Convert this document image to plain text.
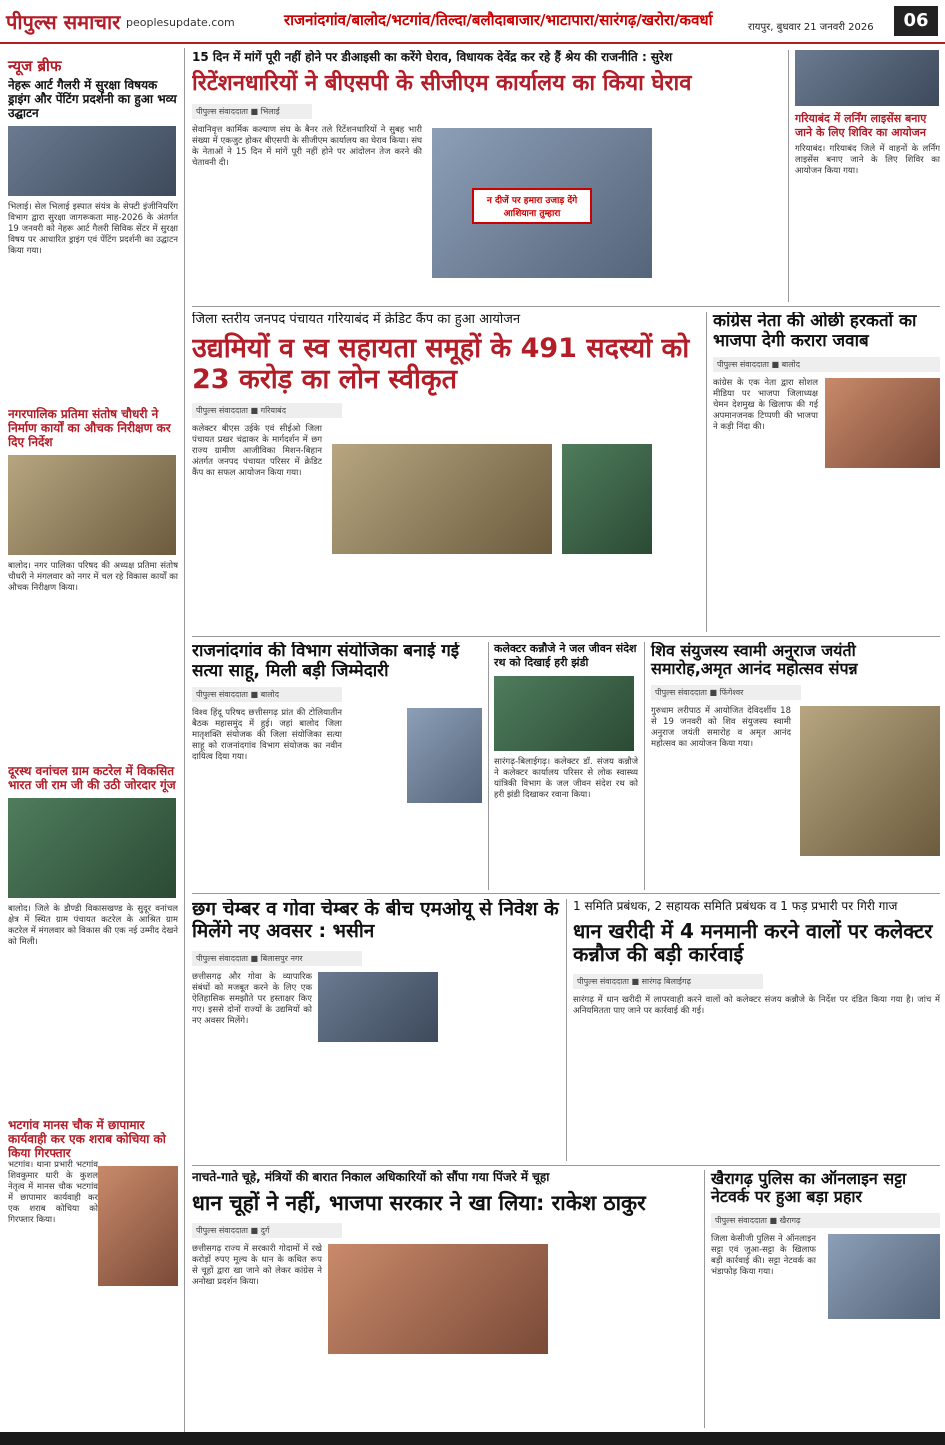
पीपुल्स समाचार peoplesupdate.com	राजनांदगांव/बालोद/भटगांव/तिल्दा/बलौदाबाजार/भाटापारा/सारंगढ़/खरोरा/कवर्धा	रायपुर, बुधवार 21 जनवरी 2026	06
न्यूज ब्रीफ
नेहरू आर्ट गैलरी में सुरक्षा विषयक ड्राइंग और पेंटिंग प्रदर्शनी का हुआ भव्य उद्घाटन

भिलाई। सेल भिलाई इस्पात संयंत्र के सेफ्टी इंजीनियरिंग विभाग द्वारा सुरक्षा जागरूकता माह-2026 के अंतर्गत 19 जनवरी को नेहरू आर्ट गैलरी सिविक सेंटर में सुरक्षा विषय पर आधारित ड्राइंग एवं पेंटिंग प्रदर्शनी का उद्घाटन किया गया।

नगरपालिक प्रतिमा संतोष चौधरी ने निर्माण कार्यों का औचक निरीक्षण कर दिए निर्देश

बालोद। नगर पालिका परिषद की अध्यक्ष प्रतिमा संतोष चौधरी ने मंगलवार को नगर में चल रहे विकास कार्यों का औचक निरीक्षण किया।

दूरस्थ वनांचल ग्राम कटरेल में विकसित भारत जी राम जी की उठी जोरदार गूंज

बालोद। जिले के डौण्डी विकासखण्ड के सुदूर वनांचल क्षेत्र में स्थित ग्राम पंचायत कटरेल के आश्रित ग्राम कटरेल में मंगलवार को विकास की एक नई उम्मीद देखने को मिली।

भटगांव मानस चौक में छापामार कार्यवाही कर एक शराब कोचिया को किया गिरफ्तार

भटगांव। थाना प्रभारी भटगांव शिवकुमार धारी के कुशल नेतृत्व में मानस चौक भटगांव में छापामार कार्यवाही कर एक शराब कोचिया को गिरफ्तार किया।

15 दिन में मांगें पूरी नहीं होने पर डीआइसी का करेंगे घेराव, विधायक देवेंद्र कर रहे हैं श्रेय की राजनीति : सुरेश
रिटेंशनधारियों ने बीएसपी के सीजीएम कार्यालय का किया घेराव
पीपुल्स संवाददाता ■ भिलाई

सेवानिवृत्त कार्मिक कल्याण संघ के बैनर तले रिटेंशनधारियों ने सुबह भारी संख्या में एकजुट होकर बीएसपी के सीजीएम कार्यालय का घेराव किया। संघ के नेताओं ने 15 दिन में मांगें पूरी नहीं होने पर आंदोलन तेज करने की चेतावनी दी।

न दीजें पर हमारा उजाड़ देंगे आशियाना तुम्हारा
गरियाबंद में लर्निंग लाइसेंस बनाए जाने के लिए शिविर का आयोजन

गरियाबंद। गरियाबंद जिले में वाहनों के लर्निंग लाइसेंस बनाए जाने के लिए शिविर का आयोजन किया गया।

जिला स्तरीय जनपद पंचायत गरियाबंद में क्रेडिट कैंप का हुआ आयोजन
उद्यमियों व स्व सहायता समूहों के 491 सदस्यों को 23 करोड़ का लोन स्वीकृत
पीपुल्स संवाददाता ■ गरियाबंद

कलेक्टर बीएस उईके एवं सीईओ जिला पंचायत प्रखर चंद्राकर के मार्गदर्शन में छग राज्य ग्रामीण आजीविका मिशन-बिहान अंतर्गत जनपद पंचायत परिसर में क्रेडिट कैंप का सफल आयोजन किया गया।

कांग्रेस नेता की ओछी हरकतों का भाजपा देगी करारा जवाब
पीपुल्स संवाददाता ■ बालोद

कांग्रेस के एक नेता द्वारा सोशल मीडिया पर भाजपा जिलाध्यक्ष चेमन देशमुख के खिलाफ की गई अपमानजनक टिप्पणी की भाजपा ने कड़ी निंदा की।

राजनांदगांव की विभाग संयोजिका बनाई गई सत्या साहू, मिली बड़ी जिम्मेदारी
पीपुल्स संवाददाता ■ बालोद

विश्व हिंदू परिषद छत्तीसगढ़ प्रांत की टोलियातीन बैठक महासमुंद में हुई। जहां बालोद जिला मातृशक्ति संयोजक की जिला संयोजिका सत्या साहू को राजनांदगांव विभाग संयोजक का नवीन दायित्व दिया गया।

कलेक्टर कन्नौजे ने जल जीवन संदेश रथ को दिखाई हरी झंडी

सारंगढ़-बिलाईगढ़। कलेक्टर डॉ. संजय कन्नौजे ने कलेक्टर कार्यालय परिसर से लोक स्वास्थ्य यांत्रिकी विभाग के जल जीवन संदेश रथ को हरी झंडी दिखाकर रवाना किया।

शिव संयुजस्य स्वामी अनुराज जयंती समारोह,अमृत आनंद महोत्सव संपन्न
पीपुल्स संवाददाता ■ फिंगेश्वर

गुरुधाम लरीपाठ में आयोजित देविदर्शीय 18 से 19 जनवरी को शिव संयुजस्य स्वामी अनुराज जयंती समारोह व अमृत आनंद महोत्सव का आयोजन किया गया।

छग चेम्बर व गोवा चेम्बर के बीच एमओयू से निवेश के मिलेंगे नए अवसर : भसीन
पीपुल्स संवाददाता ■ बिलासपुर नगर

छत्तीसगढ़ और गोवा के व्यापारिक संबंधों को मजबूत करने के लिए एक ऐतिहासिक समझौते पर हस्ताक्षर किए गए। इससे दोनों राज्यों के उद्यमियों को नए अवसर मिलेंगे।

1 समिति प्रबंधक, 2 सहायक समिति प्रबंधक व 1 फड़ प्रभारी पर गिरी गाज
धान खरीदी में 4 मनमानी करने वालों पर कलेक्टर कन्नौज की बड़ी कार्रवाई
पीपुल्स संवाददाता ■ सारंगढ़ बिलाईगढ़

सारंगढ़ में धान खरीदी में लापरवाही करने वालों को कलेक्टर संजय कन्नौजे के निर्देश पर दंडित किया गया है। जांच में अनियमितता पाए जाने पर कार्रवाई की गई।

नाचते-गाते चूहे, मंत्रियों की बारात निकाल अधिकारियों को सौंपा गया पिंजरे में चूहा
धान चूहों ने नहीं, भाजपा सरकार ने खा लिया: राकेश ठाकुर
पीपुल्स संवाददाता ■ दुर्ग

छत्तीसगढ़ राज्य में सरकारी गोदामों में रखे करोड़ों रुपए मूल्य के धान के कथित रूप से चूहों द्वारा खा जाने को लेकर कांग्रेस ने अनोखा प्रदर्शन किया।

खैरागढ़ पुलिस का ऑनलाइन सट्टा नेटवर्क पर हुआ बड़ा प्रहार
पीपुल्स संवाददाता ■ खैरागढ़

जिला केसीजी पुलिस ने ऑनलाइन सट्टा एवं जुआ-सट्टा के खिलाफ बड़ी कार्रवाई की। सट्टा नेटवर्क का भंडाफोड़ किया गया।
